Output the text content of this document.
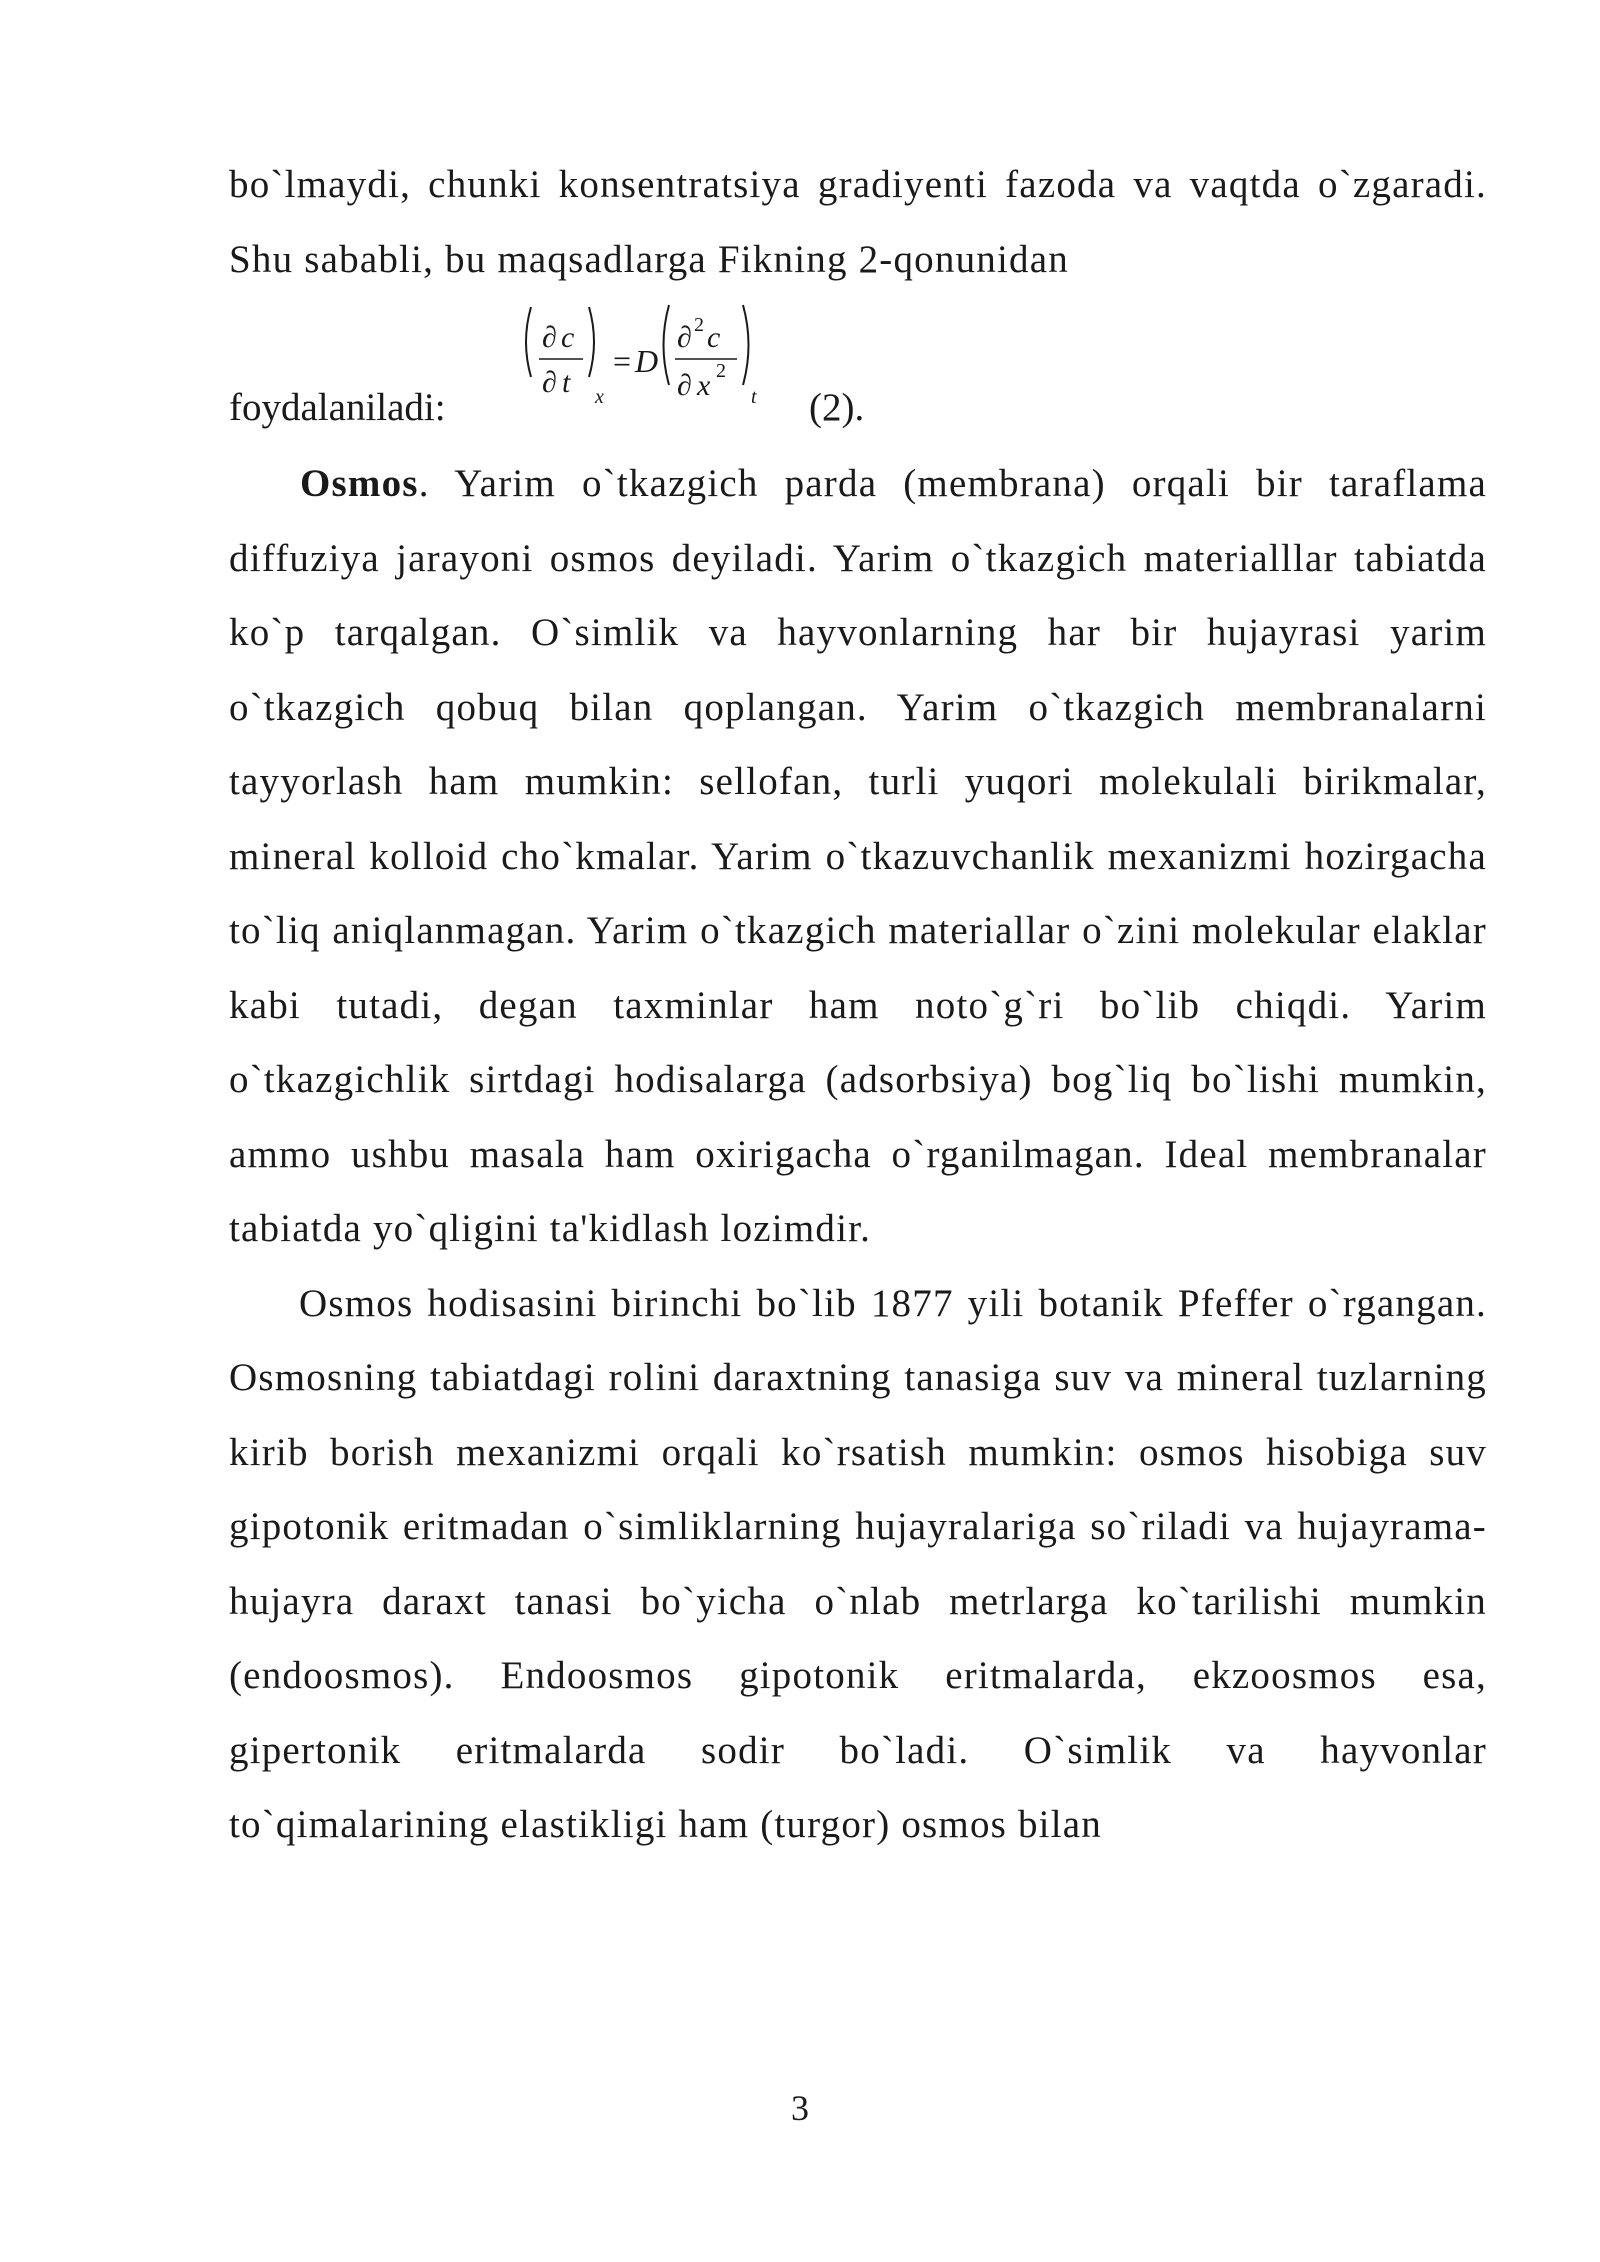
bo`lmaydi, chunki konsentratsiya gradiyenti fazoda va vaqtda o`zgaradi. Shu sababli, bu maqsadlarga Fikning 2-qonunidan

foydalaniladi:
∂ c
∂ t x
= D
∂ 2 c
∂ x 2
t (2).

Osmos. Yarim o`tkazgich parda (membrana) orqali bir taraflama diffuziya jarayoni osmos deyiladi. Yarim o`tkazgich materialllar tabiatda ko`p tarqalgan. O`simlik va hayvonlarning har bir hujayrasi yarim o`tkazgich qobuq bilan qoplangan. Yarim o`tkazgich membranalarni tayyorlash ham mumkin: sellofan, turli yuqori molekulali birikmalar, mineral kolloid cho`kmalar. Yarim o`tkazuvchanlik mexanizmi hozirgacha to`liq aniqlanmagan. Yarim o`tkazgich materiallar o`zini molekular elaklar kabi tutadi, degan taxminlar ham noto`g`ri bo`lib chiqdi. Yarim o`tkazgichlik sirtdagi hodisalarga (adsorbsiya) bog`liq bo`lishi mumkin, ammo ushbu masala ham oxirigacha o`rganilmagan. Ideal membranalar tabiatda yo`qligini ta'kidlash lozimdir.

Osmos hodisasini birinchi bo`lib 1877 yili botanik Pfeffer o`rgangan. Osmosning tabiatdagi rolini daraxtning tanasiga suv va mineral tuzlarning kirib borish mexanizmi orqali ko`rsatish mumkin: osmos hisobiga suv gipotonik eritmadan o`simliklarning hujayralariga so`riladi va hujayrama-hujayra daraxt tanasi bo`yicha o`nlab metrlarga ko`tarilishi mumkin (endoosmos). Endoosmos gipotonik eritmalarda, ekzoosmos esa, gipertonik eritmalarda sodir bo`ladi. O`simlik va hayvonlar to`qimalarining elastikligi ham (turgor) osmos bilan

3
